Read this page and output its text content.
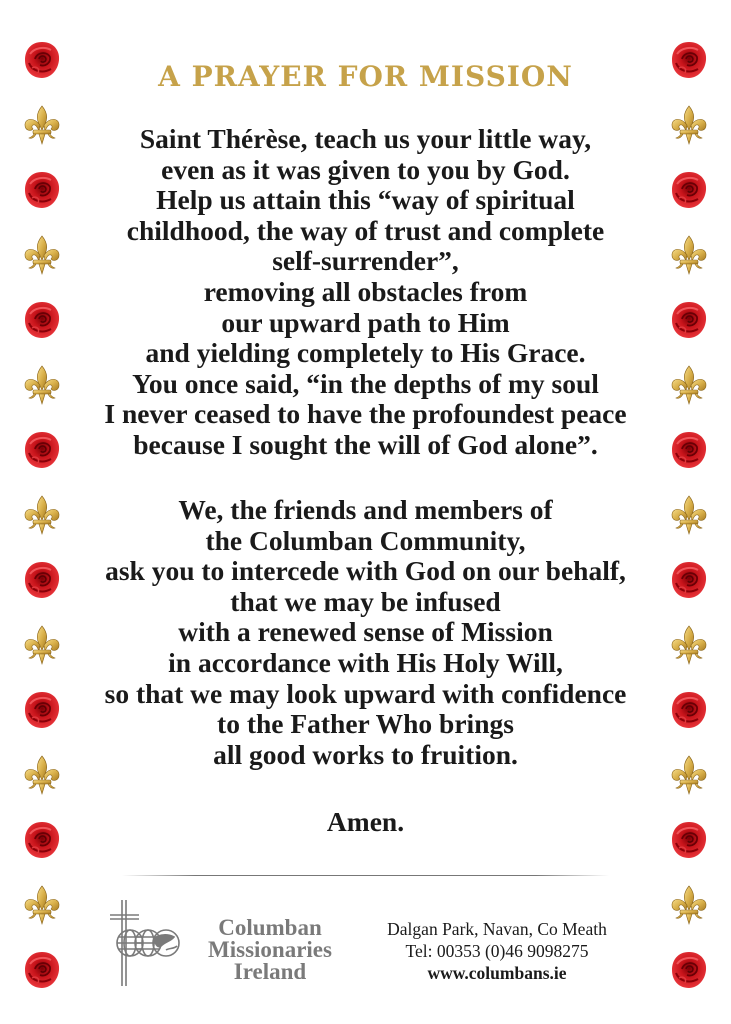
A PRAYER FOR MISSION
Saint Thérèse, teach us your little way,
even as it was given to you by God.
Help us attain this “way of spiritual
childhood, the way of trust and complete
self-surrender”,
removing all obstacles from
our upward path to Him
and yielding completely to His Grace.
You once said, “in the depths of my soul
I never ceased to have the profoundest peace
because I sought the will of God alone”.
We, the friends and members of
the Columban Community,
ask you to intercede with God on our behalf,
that we may be infused
with a renewed sense of Mission
in accordance with His Holy Will,
so that we may look upward with confidence
to the Father Who brings
all good works to fruition.
Amen.
Columban
Missionaries
Ireland
Dalgan Park, Navan, Co Meath
Tel: 00353 (0)46 9098275
www.columbans.ie
